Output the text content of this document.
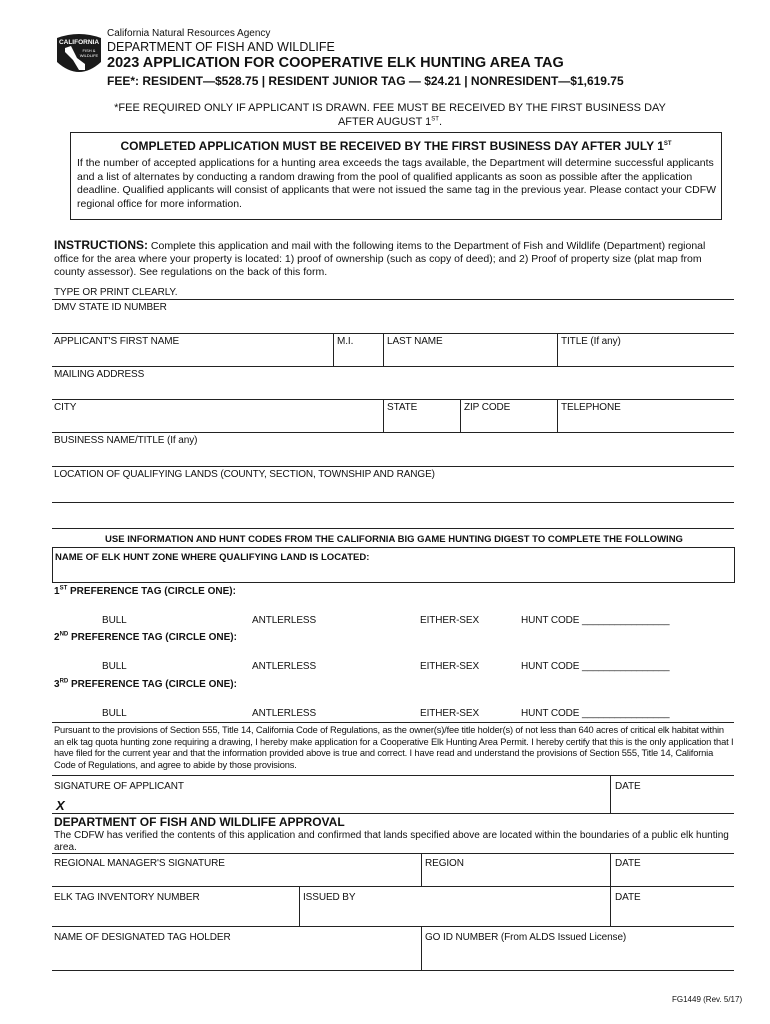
CALIFORNIA
FISH &
WILDLIFE
California Natural Resources Agency
DEPARTMENT OF FISH AND WILDLIFE
2023 APPLICATION FOR COOPERATIVE ELK HUNTING AREA TAG
FEE*: RESIDENT—$528.75 | RESIDENT JUNIOR TAG — $24.21 | NONRESIDENT—$1,619.75
*FEE REQUIRED ONLY IF APPLICANT IS DRAWN. FEE MUST BE RECEIVED BY THE FIRST BUSINESS DAY
AFTER AUGUST 1ST.
COMPLETED APPLICATION MUST BE RECEIVED BY THE FIRST BUSINESS DAY AFTER JULY 1ST
If the number of accepted applications for a hunting area exceeds the tags available, the Department will determine successful applicants and a list of alternates by conducting a random drawing from the pool of qualified applicants as soon as possible after the application deadline. Qualified applicants will consist of applicants that were not issued the same tag in the previous year. Please contact your CDFW regional office for more information.
INSTRUCTIONS: Complete this application and mail with the following items to the Department of Fish and Wildlife (Department) regional office for the area where your property is located: 1) proof of ownership (such as copy of deed); and 2) Proof of property size (plat map from county assessor). See regulations on the back of this form.
TYPE OR PRINT CLEARLY.
DMV STATE ID NUMBER
APPLICANT'S FIRST NAME	M.I.	LAST NAME	TITLE (If any)
MAILING ADDRESS
CITY	STATE	ZIP CODE	TELEPHONE
BUSINESS NAME/TITLE (If any)
LOCATION OF QUALIFYING LANDS (COUNTY, SECTION, TOWNSHIP AND RANGE)
USE INFORMATION AND HUNT CODES FROM THE CALIFORNIA BIG GAME HUNTING DIGEST TO COMPLETE THE FOLLOWING
NAME OF ELK HUNT ZONE WHERE QUALIFYING LAND IS LOCATED:
1ST PREFERENCE TAG (CIRCLE ONE):
BULL	ANTLERLESS	EITHER-SEX	HUNT CODE ________________
2ND PREFERENCE TAG (CIRCLE ONE):
BULL	ANTLERLESS	EITHER-SEX	HUNT CODE ________________
3RD PREFERENCE TAG (CIRCLE ONE):
BULL	ANTLERLESS	EITHER-SEX	HUNT CODE ________________
Pursuant to the provisions of Section 555, Title 14, California Code of Regulations, as the owner(s)/fee title holder(s) of not less than 640 acres of critical elk habitat within an elk tag quota hunting zone requiring a drawing, I hereby make application for a Cooperative Elk Hunting Area Permit. I hereby certify that this is the only application that I have filed for the current year and that the information provided above is true and correct. I have read and understand the provisions of Section 555, Title 14, California Code of Regulations, and agree to abide by those provisions.
SIGNATURE OF APPLICANT
X
DATE
DEPARTMENT OF FISH AND WILDLIFE APPROVAL
The CDFW has verified the contents of this application and confirmed that lands specified above are located within the boundaries of a public elk hunting area.
REGIONAL MANAGER'S SIGNATURE	REGION	DATE
ELK TAG INVENTORY NUMBER	ISSUED BY	DATE
NAME OF DESIGNATED TAG HOLDER	GO ID NUMBER (From ALDS Issued License)
FG1449 (Rev. 5/17)
